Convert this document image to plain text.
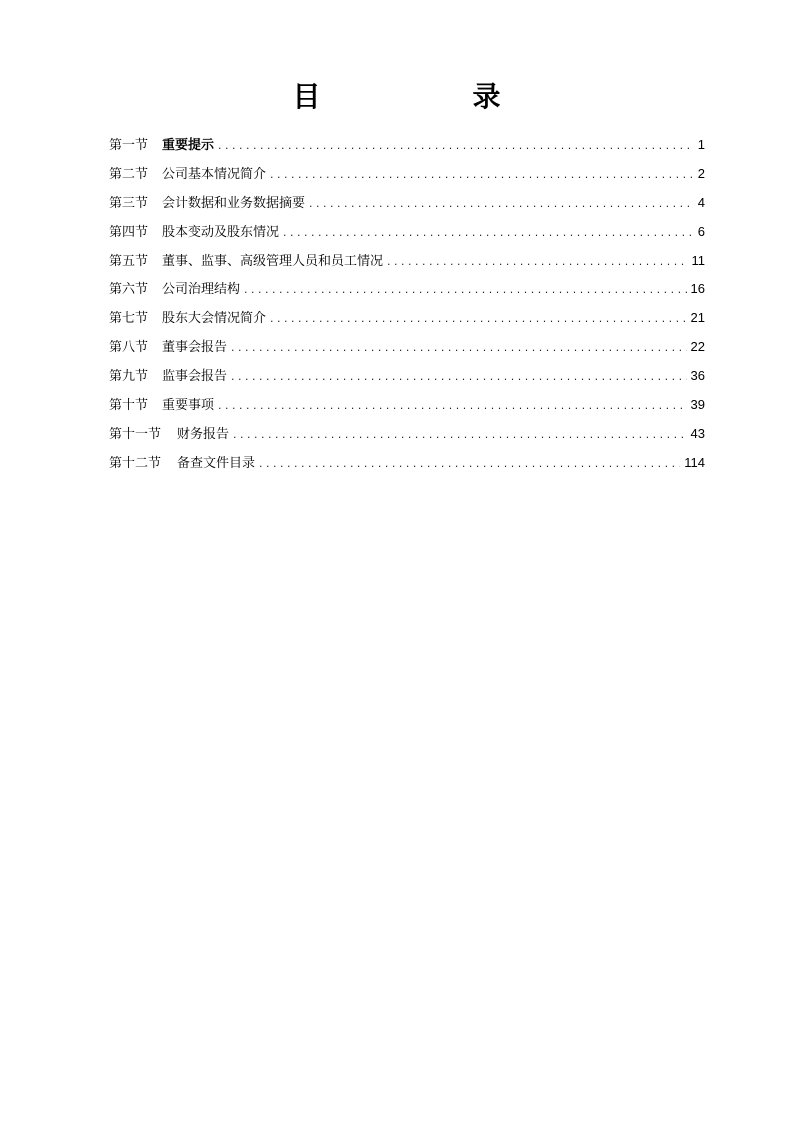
目　录
第一节	重要提示 . . .	1
第二节	公司基本情况简介 . . .	2
第三节	会计数据和业务数据摘要 . . .	4
第四节	股本变动及股东情况 . . .	6
第五节	董事、监事、高级管理人员和员工情况 . . .	11
第六节	公司治理结构 . . .	16
第七节	股东大会情况简介 . . .	21
第八节	董事会报告 . . .	22
第九节	监事会报告 . . .	36
第十节	重要事项 . . .	39
第十一节	财务报告 . . .	43
第十二节	备查文件目录 . . .	114
